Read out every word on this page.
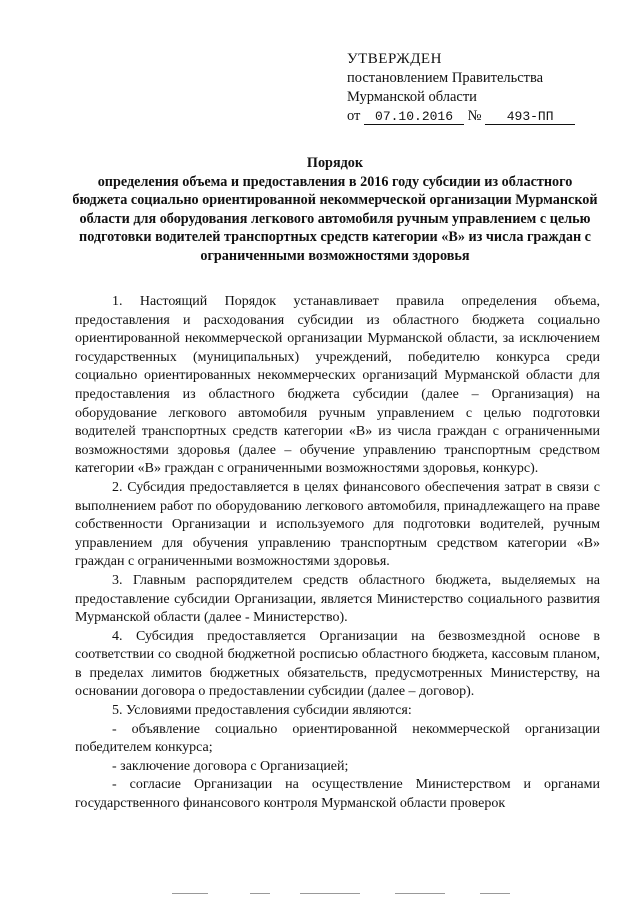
УТВЕРЖДЕН
постановлением Правительства
Мурманской области
от 07.10.2016 № 493-ПП
Порядок
определения объема и предоставления в 2016 году субсидии из областного бюджета социально ориентированной некоммерческой организации Мурманской области для оборудования легкового автомобиля ручным управлением с целью подготовки водителей транспортных средств категории «В» из числа граждан с ограниченными возможностями здоровья

1. Настоящий Порядок устанавливает правила определения объема, предоставления и расходования субсидии из областного бюджета социально ориентированной некоммерческой организации Мурманской области, за исключением государственных (муниципальных) учреждений, победителю конкурса среди социально ориентированных некоммерческих организаций Мурманской области для предоставления из областного бюджета субсидии (далее – Организация) на оборудование легкового автомобиля ручным управлением с целью подготовки водителей транспортных средств категории «В» из числа граждан с ограниченными возможностями здоровья (далее – обучение управлению транспортным средством категории «В» граждан с ограниченными возможностями здоровья, конкурс).

2. Субсидия предоставляется в целях финансового обеспечения затрат в связи с выполнением работ по оборудованию легкового автомобиля, принадлежащего на праве собственности Организации и используемого для подготовки водителей, ручным управлением для обучения управлению транспортным средством категории «В» граждан с ограниченными возможностями здоровья.

3. Главным распорядителем средств областного бюджета, выделяемых на предоставление субсидии Организации, является Министерство социального развития Мурманской области (далее - Министерство).

4. Субсидия предоставляется Организации на безвозмездной основе в соответствии со сводной бюджетной росписью областного бюджета, кассовым планом, в пределах лимитов бюджетных обязательств, предусмотренных Министерству, на основании договора о предоставлении субсидии (далее – договор).

5. Условиями предоставления субсидии являются:

- объявление социально ориентированной некоммерческой организации победителем конкурса;

- заключение договора с Организацией;

- согласие Организации на осуществление Министерством и органами государственного финансового контроля Мурманской области проверок
